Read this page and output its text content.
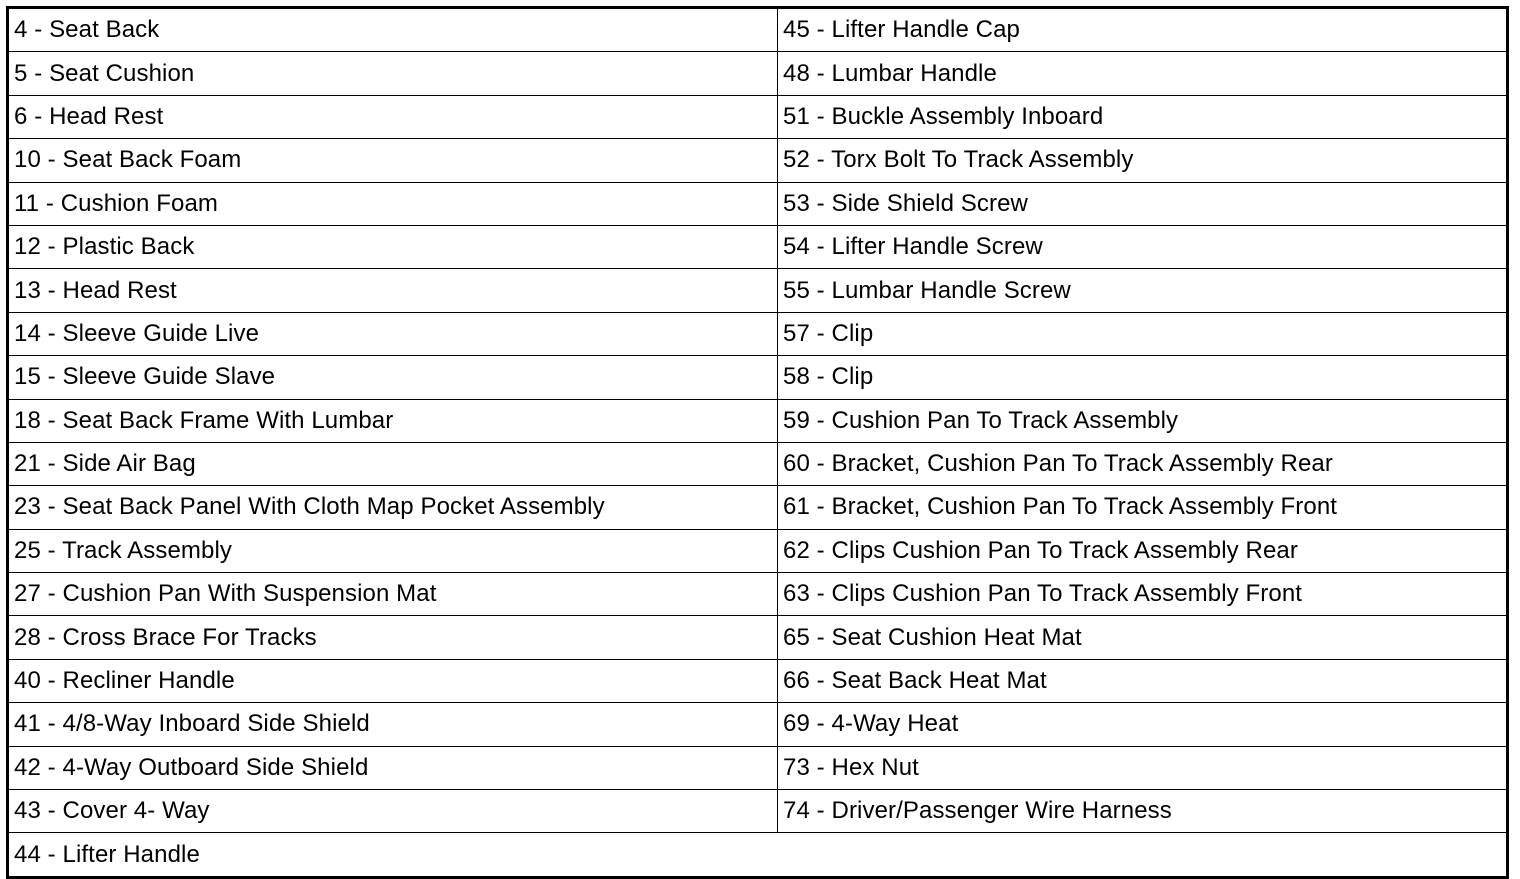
4 - Seat Back	45 - Lifter Handle Cap
5 - Seat Cushion	48 - Lumbar Handle
6 - Head Rest	51 - Buckle Assembly Inboard
10 - Seat Back Foam	52 - Torx Bolt To Track Assembly
11 - Cushion Foam	53 - Side Shield Screw
12 - Plastic Back	54 - Lifter Handle Screw
13 - Head Rest	55 - Lumbar Handle Screw
14 - Sleeve Guide Live	57 - Clip
15 - Sleeve Guide Slave	58 - Clip
18 - Seat Back Frame With Lumbar	59 - Cushion Pan To Track Assembly
21 - Side Air Bag	60 - Bracket, Cushion Pan To Track Assembly Rear
23 - Seat Back Panel With Cloth Map Pocket Assembly	61 - Bracket, Cushion Pan To Track Assembly Front
25 - Track Assembly	62 - Clips Cushion Pan To Track Assembly Rear
27 - Cushion Pan With Suspension Mat	63 - Clips Cushion Pan To Track Assembly Front
28 - Cross Brace For Tracks	65 - Seat Cushion Heat Mat
40 - Recliner Handle	66 - Seat Back Heat Mat
41 - 4/8-Way Inboard Side Shield	69 - 4-Way Heat
42 - 4-Way Outboard Side Shield	73 - Hex Nut
43 - Cover 4- Way	74 - Driver/Passenger Wire Harness
44 - Lifter Handle	
